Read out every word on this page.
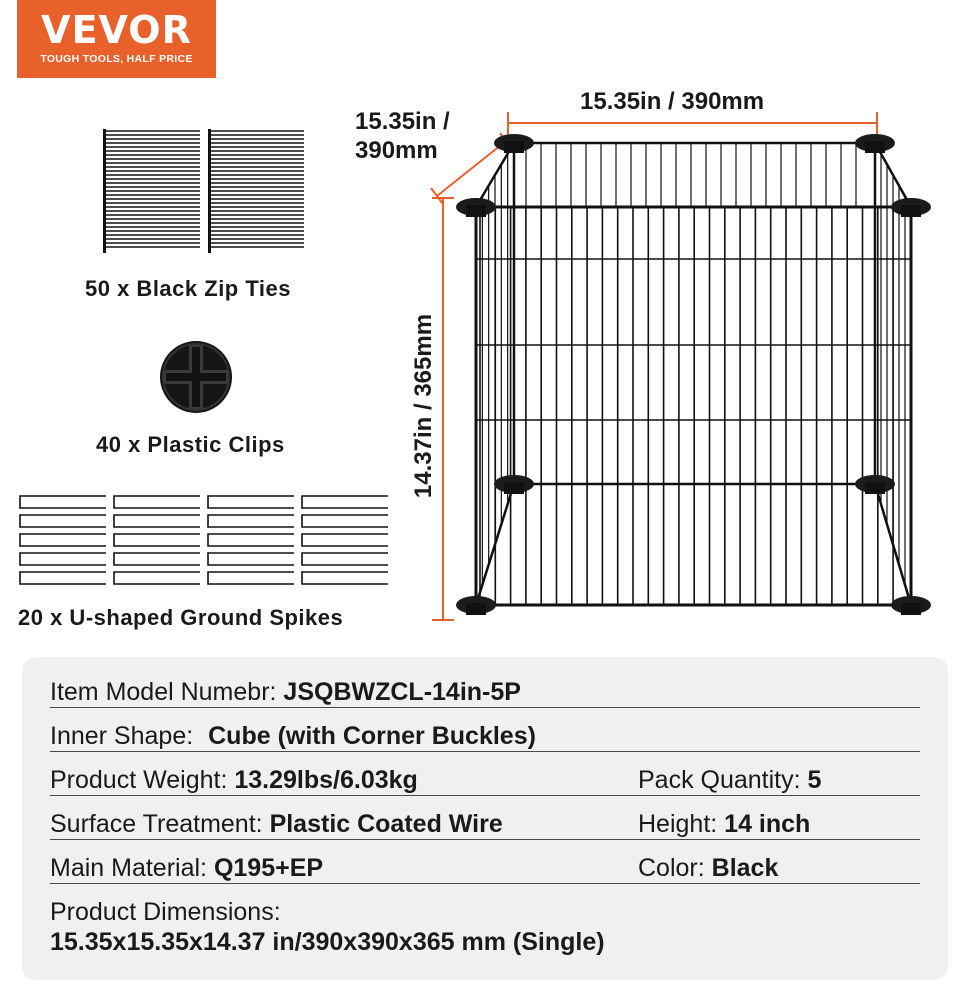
VEVOR
TOUGH TOOLS, HALF PRICE
50 x Black Zip Ties
40 x Plastic Clips
20 x U-shaped Ground Spikes
15.35in / 390mm
15.35in /
390mm
14.37in / 365mm
Item Model Numebr: JSQBWZCL-14in-5P
Inner Shape: Cube (with Corner Buckles)
Product Weight: 13.29lbs/6.03kg	Pack Quantity: 5
Surface Treatment: Plastic Coated Wire	Height: 14 inch
Main Material: Q195+EP	Color: Black
Product Dimensions:
15.35x15.35x14.37 in/390x390x365 mm (Single)
